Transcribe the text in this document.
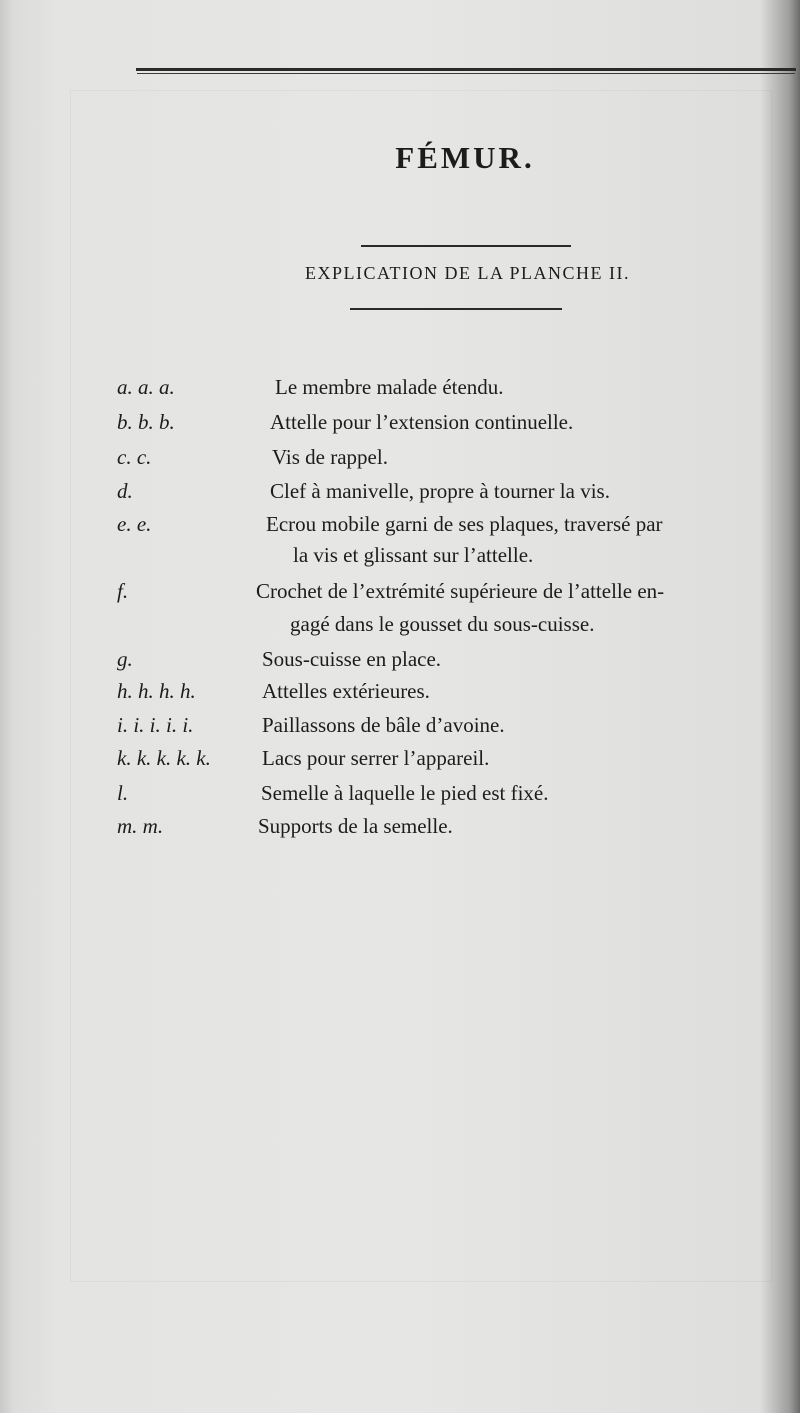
FÉMUR.
EXPLICATION DE LA PLANCHE II.
a. a. a.	Le membre malade étendu.
b. b. b.	Attelle pour l’extension continuelle.
c. c.	Vis de rappel.
d.	Clef à manivelle, propre à tourner la vis.
e. e.	Ecrou mobile garni de ses plaques, traversé par
la vis et glissant sur l’attelle.
f.	Crochet de l’extrémité supérieure de l’attelle en-
gagé dans le gousset du sous-cuisse.
g.	Sous-cuisse en place.
h. h. h. h.	Attelles extérieures.
i. i. i. i. i.	Paillassons de bâle d’avoine.
k. k. k. k. k.	Lacs pour serrer l’appareil.
l.	Semelle à laquelle le pied est fixé.
m. m.	Supports de la semelle.
